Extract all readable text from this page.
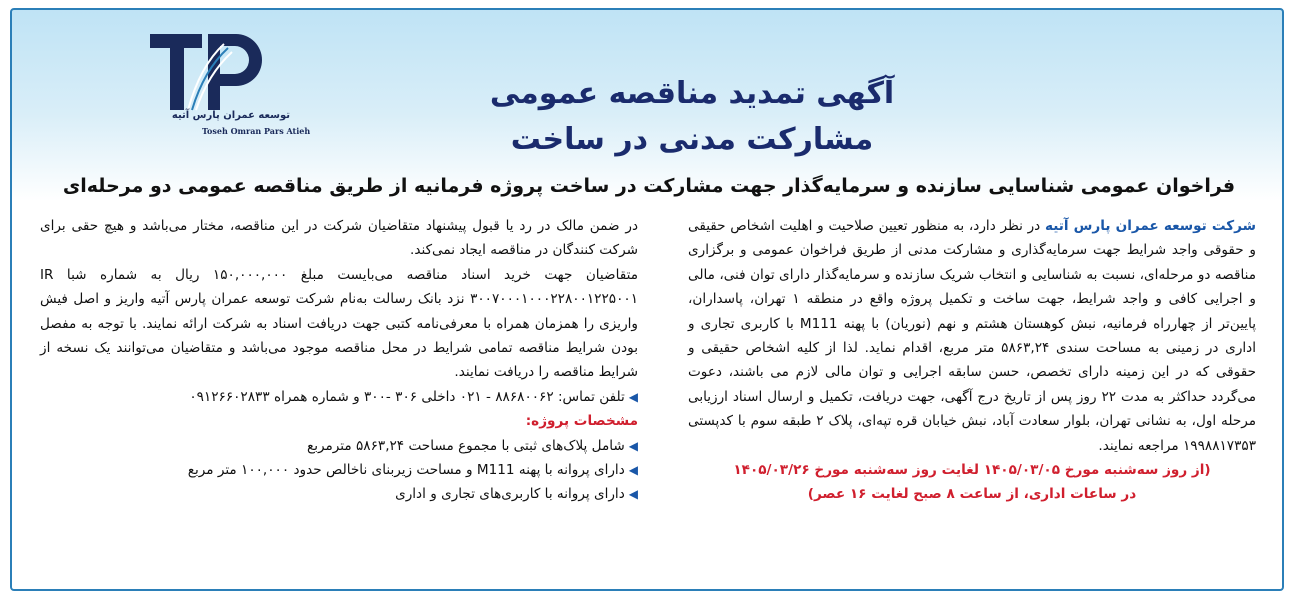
توسعه عمران پارس آتیه
Toseh Omran Pars Atieh
آگهی تمدید مناقصه عمومی
مشارکت مدنی در ساخت
فراخوان عمومی شناسایی سازنده و سرمایه‌گذار جهت مشارکت در ساخت پروژه فرمانیه از طریق مناقصه عمومی دو مرحله‌ای

شرکت توسعه عمران پارس آتیه در نظر دارد، به منظور تعیین صلاحیت و اهلیت اشخاص حقیقی و حقوقی واجد شرایط جهت سرمایه‌گذاری و مشارکت مدنی از طریق فراخوان عمومی و برگزاری مناقصه دو مرحله‌ای، نسبت به شناسایی و انتخاب شریک سازنده و سرمایه‌گذار دارای توان فنی، مالی و اجرایی کافی و واجد شرایط، جهت ساخت و تکمیل پروژه واقع در منطقه ۱ تهران، پاسداران، پایین‌تر از چهارراه فرمانیه، نبش کوهستان هشتم و نهم (نوریان) با پهنه M111 با کاربری تجاری و اداری در زمینی به مساحت سندی ۵۸۶۳,۲۴ متر مربع، اقدام نماید. لذا از کلیه اشخاص حقیقی و حقوقی که در این زمینه دارای تخصص، حسن سابقه اجرایی و توان مالی لازم می باشند، دعوت می‌گردد حداکثر به مدت ۲۲ روز پس از تاریخ درج آگهی، جهت دریافت، تکمیل و ارسال اسناد ارزیابی مرحله اول، به نشانی تهران، بلوار سعادت آباد، نبش خیابان قره تپه‌ای، پلاک ۲ طبقه سوم با کدپستی ۱۹۹۸۸۱۷۳۵۳ مراجعه نمایند.

(از روز سه‌شنبه مورخ ۱۴۰۵/۰۳/۰۵ لغایت روز سه‌شنبه مورخ ۱۴۰۵/۰۳/۲۶

در ساعات اداری، از ساعت ۸ صبح لغایت ۱۶ عصر)

در ضمن مالک در رد یا قبول پیشنهاد متقاضیان شرکت در این مناقصه، مختار می‌باشد و هیچ حقی برای شرکت کنندگان در مناقصه ایجاد نمی‌کند.

متقاضیان جهت خرید اسناد مناقصه می‌بایست مبلغ ۱۵۰,۰۰۰,۰۰۰ ریال به شماره شبا IR ۳۰۰۷۰۰۰۱۰۰۰۲۲۸۰۰۱۲۲۵۰۰۱ نزد بانک رسالت به‌نام شرکت توسعه عمران پارس آتیه واریز و اصل فیش واریزی را همزمان همراه با معرفی‌نامه کتبی جهت دریافت اسناد به شرکت ارائه نمایند. با توجه به مفصل بودن شرایط مناقصه تمامی شرایط در محل مناقصه موجود می‌باشد و متقاضیان می‌توانند یک نسخه از شرایط مناقصه را دریافت نمایند.

◀
تلفن تماس: ۸۸۶۸۰۰۶۲ - ۰۲۱ داخلی ۳۰۶ -۳۰۰ و شماره همراه ۰۹۱۲۶۶۰۲۸۳۳

مشخصات پروژه:

◀
شامل پلاک‌های ثبتی با مجموع مساحت ۵۸۶۳,۲۴ مترمربع
◀
دارای پروانه با پهنه M111 و مساحت زیربنای ناخالص حدود ۱۰۰,۰۰۰ متر مربع
◀
دارای پروانه با کاربری‌های تجاری و اداری
